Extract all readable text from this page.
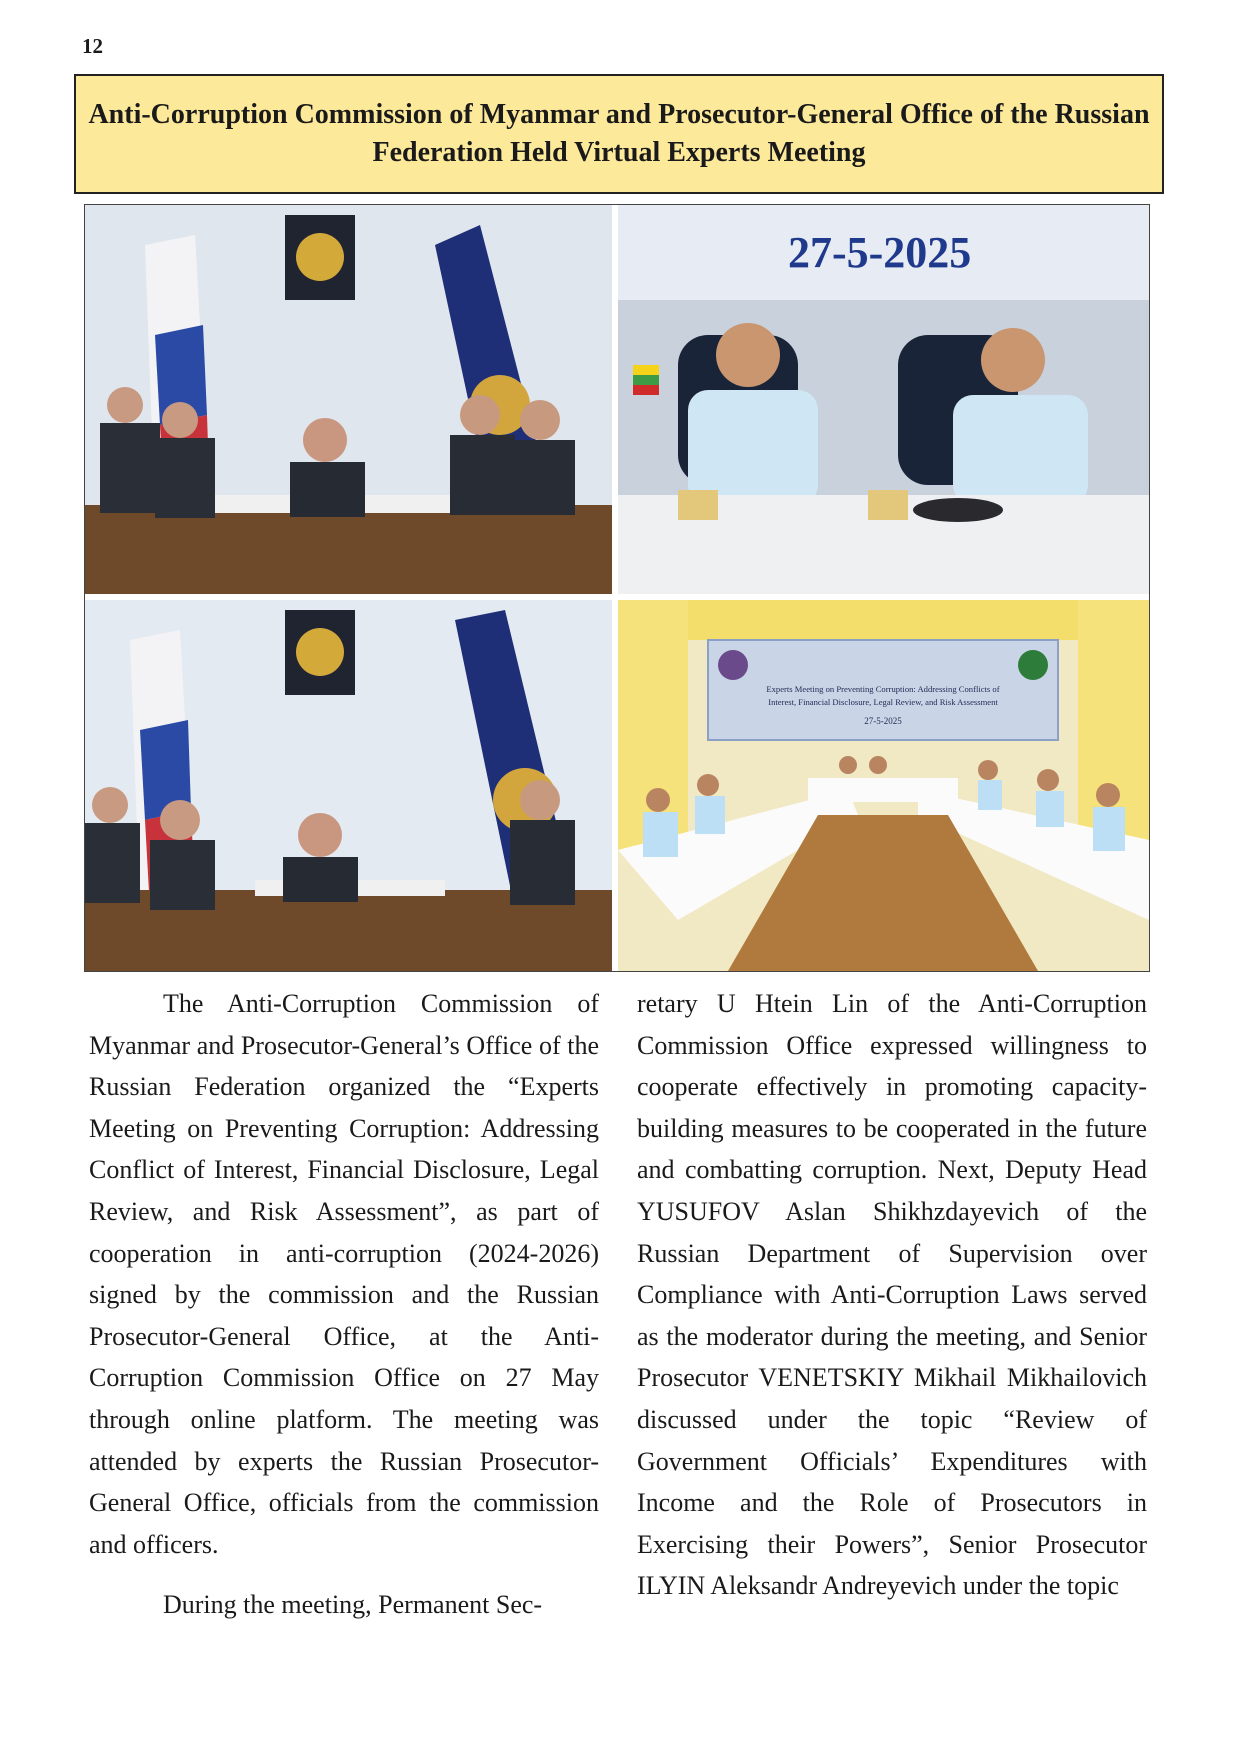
12
Anti-Corruption Commission of Myanmar and Prosecutor-General Office of the Russian Federation Held Virtual Experts Meeting
27-5-2025
Experts Meeting on Preventing Corruption: Addressing Conflicts of
Interest, Financial Disclosure, Legal Review, and Risk Assessment
27-5-2025

The Anti-Corruption Commission of Myanmar and Prosecutor-General’s Office of the Russian Federation organized the “Experts Meeting on Preventing Corruption: Addressing Conflict of Interest, Financial Disclosure, Legal Review, and Risk Assessment”, as part of cooperation in anti-corruption (2024-2026) signed by the commission and the Russian Prosecutor-General Office, at the Anti-Corruption Commission Office on 27 May through online platform. The meeting was attended by experts the Russian Prosecutor-General Office, officials from the commission and officers.

During the meeting, Permanent Sec-

retary U Htein Lin of the Anti-Corruption Commission Office expressed willingness to cooperate effectively in promoting capacity-building measures to be cooperated in the future and combatting corruption. Next, Deputy Head YUSUFOV Aslan Shikhzdayevich of the Russian Department of Supervision over Compliance with Anti-Corruption Laws served as the moderator during the meeting, and Senior Prosecutor VENETSKIY Mikhail Mikhailovich discussed under the topic “Review of Government Officials’ Expenditures with Income and the Role of Prosecutors in Exercising their Powers”, Senior Prosecutor ILYIN Aleksandr Andreyevich under the topic
